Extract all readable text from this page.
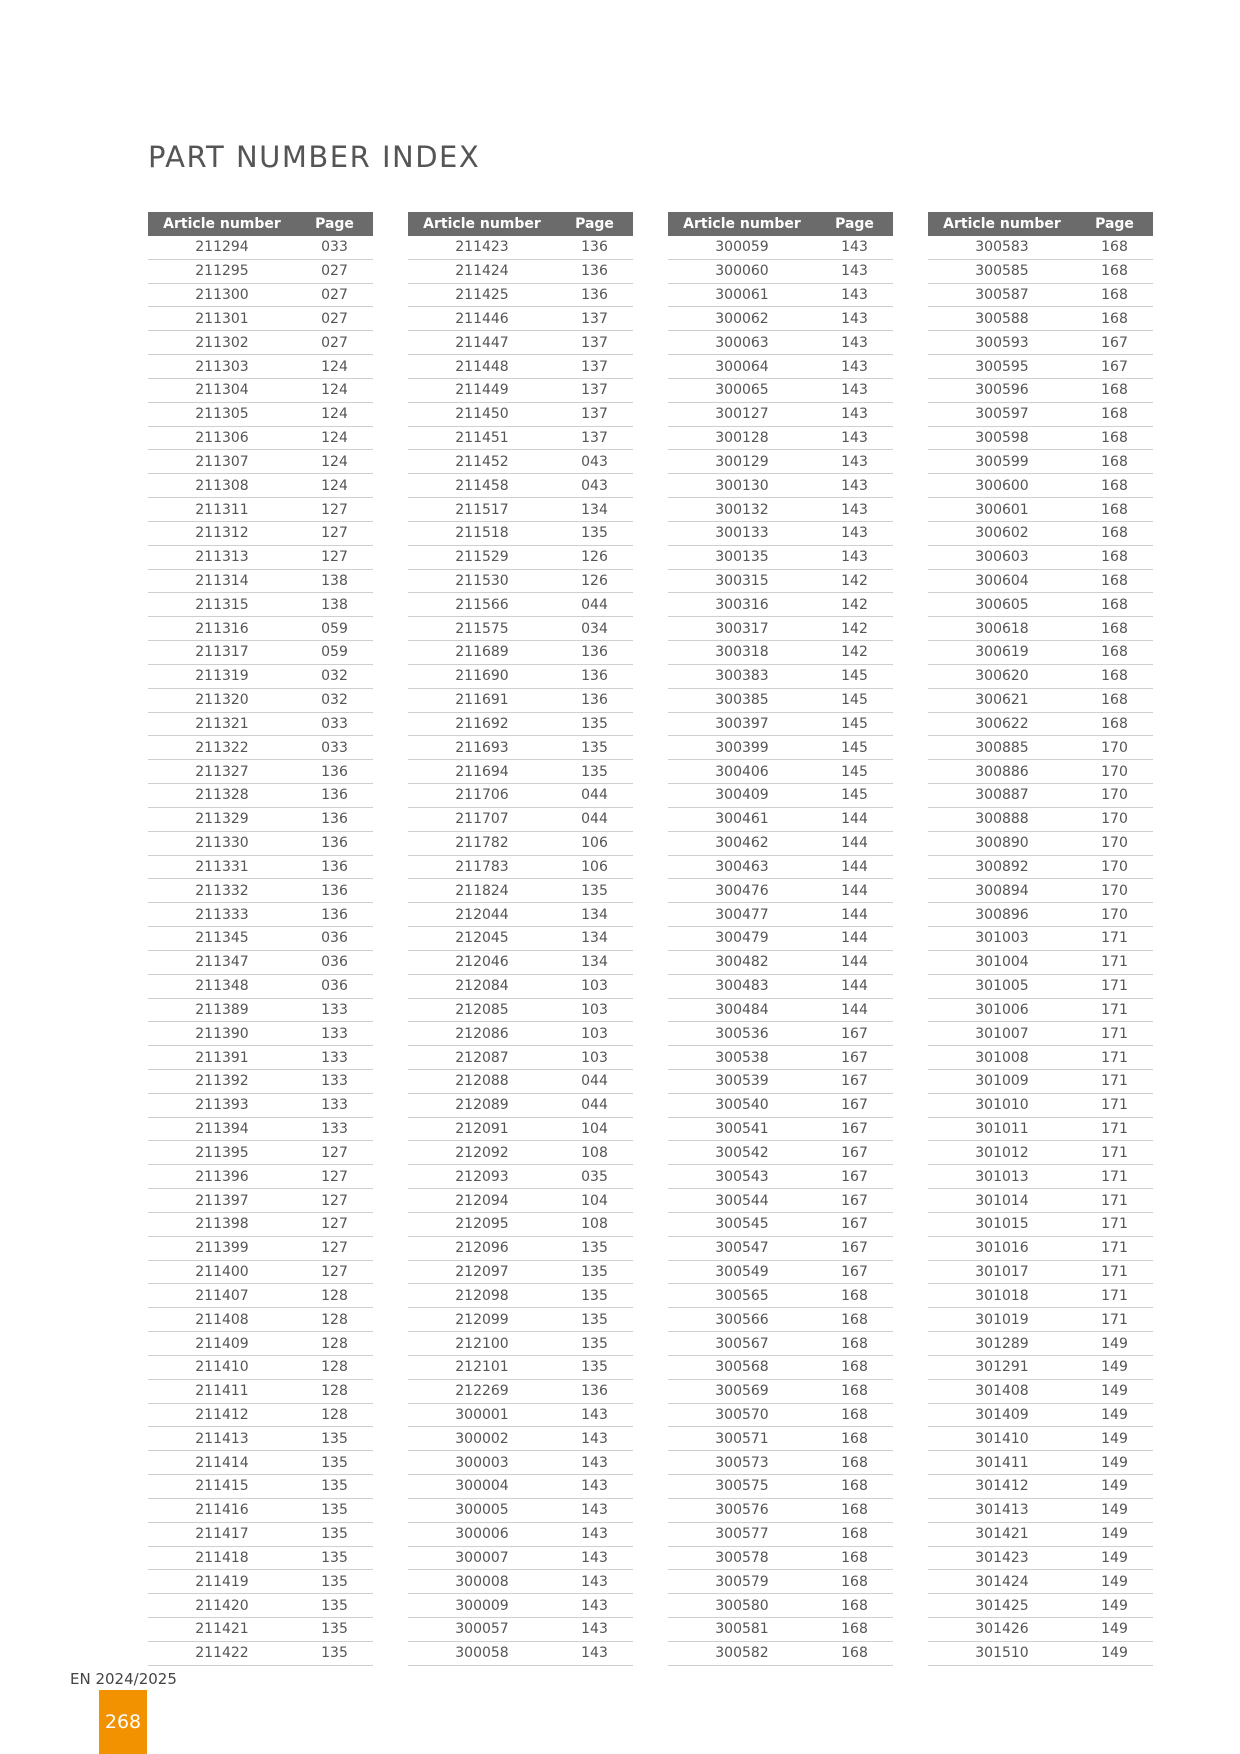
PART NUMBER INDEX
Article number	Page
211294	033
211295	027
211300	027
211301	027
211302	027
211303	124
211304	124
211305	124
211306	124
211307	124
211308	124
211311	127
211312	127
211313	127
211314	138
211315	138
211316	059
211317	059
211319	032
211320	032
211321	033
211322	033
211327	136
211328	136
211329	136
211330	136
211331	136
211332	136
211333	136
211345	036
211347	036
211348	036
211389	133
211390	133
211391	133
211392	133
211393	133
211394	133
211395	127
211396	127
211397	127
211398	127
211399	127
211400	127
211407	128
211408	128
211409	128
211410	128
211411	128
211412	128
211413	135
211414	135
211415	135
211416	135
211417	135
211418	135
211419	135
211420	135
211421	135
211422	135
Article number	Page
211423	136
211424	136
211425	136
211446	137
211447	137
211448	137
211449	137
211450	137
211451	137
211452	043
211458	043
211517	134
211518	135
211529	126
211530	126
211566	044
211575	034
211689	136
211690	136
211691	136
211692	135
211693	135
211694	135
211706	044
211707	044
211782	106
211783	106
211824	135
212044	134
212045	134
212046	134
212084	103
212085	103
212086	103
212087	103
212088	044
212089	044
212091	104
212092	108
212093	035
212094	104
212095	108
212096	135
212097	135
212098	135
212099	135
212100	135
212101	135
212269	136
300001	143
300002	143
300003	143
300004	143
300005	143
300006	143
300007	143
300008	143
300009	143
300057	143
300058	143
Article number	Page
300059	143
300060	143
300061	143
300062	143
300063	143
300064	143
300065	143
300127	143
300128	143
300129	143
300130	143
300132	143
300133	143
300135	143
300315	142
300316	142
300317	142
300318	142
300383	145
300385	145
300397	145
300399	145
300406	145
300409	145
300461	144
300462	144
300463	144
300476	144
300477	144
300479	144
300482	144
300483	144
300484	144
300536	167
300538	167
300539	167
300540	167
300541	167
300542	167
300543	167
300544	167
300545	167
300547	167
300549	167
300565	168
300566	168
300567	168
300568	168
300569	168
300570	168
300571	168
300573	168
300575	168
300576	168
300577	168
300578	168
300579	168
300580	168
300581	168
300582	168
Article number	Page
300583	168
300585	168
300587	168
300588	168
300593	167
300595	167
300596	168
300597	168
300598	168
300599	168
300600	168
300601	168
300602	168
300603	168
300604	168
300605	168
300618	168
300619	168
300620	168
300621	168
300622	168
300885	170
300886	170
300887	170
300888	170
300890	170
300892	170
300894	170
300896	170
301003	171
301004	171
301005	171
301006	171
301007	171
301008	171
301009	171
301010	171
301011	171
301012	171
301013	171
301014	171
301015	171
301016	171
301017	171
301018	171
301019	171
301289	149
301291	149
301408	149
301409	149
301410	149
301411	149
301412	149
301413	149
301421	149
301423	149
301424	149
301425	149
301426	149
301510	149
EN 2024/2025
268
